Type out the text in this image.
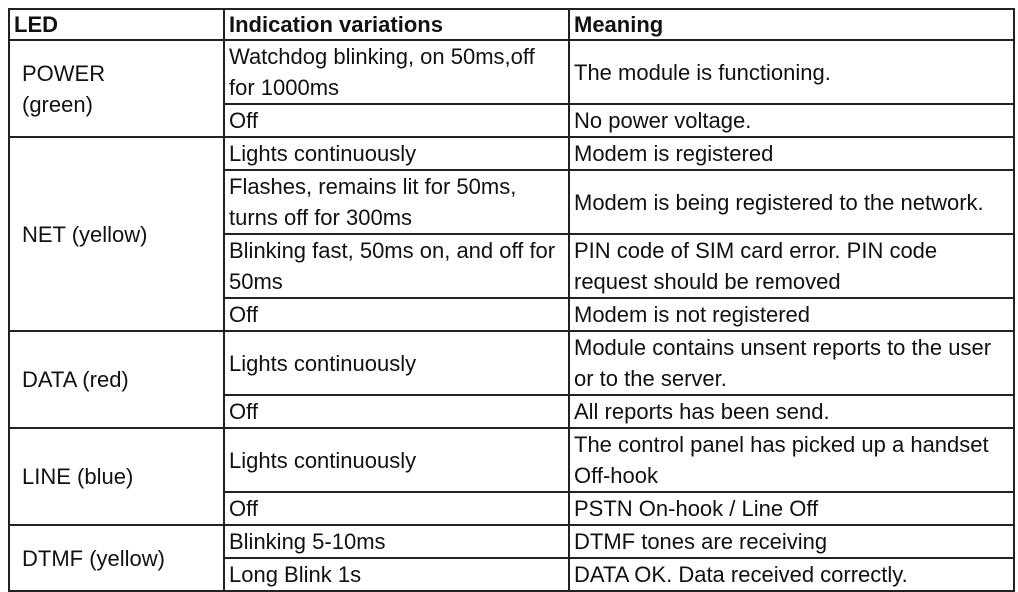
LED	Indication variations	Meaning

POWER
(green)	Watchdog blinking, on 50ms,off for 1000ms	The module is functioning.
	Off	No power voltage.

NET (yellow)	Lights continuously	Modem is registered
	Flashes, remains lit for 50ms, turns off for 300ms	Modem is being registered to the network.
	Blinking fast, 50ms on, and off for 50ms	PIN code of SIM card error. PIN code request should be removed
	Off	Modem is not registered

DATA (red)	Lights continuously	Module contains unsent reports to the user or to the server.
	Off	All reports has been send.

LINE (blue)	Lights continuously	The control panel has picked up a handset Off-hook
	Off	PSTN On-hook / Line Off

DTMF (yellow)	Blinking 5-10ms	DTMF tones are receiving
	Long Blink 1s	DATA OK. Data received correctly.
